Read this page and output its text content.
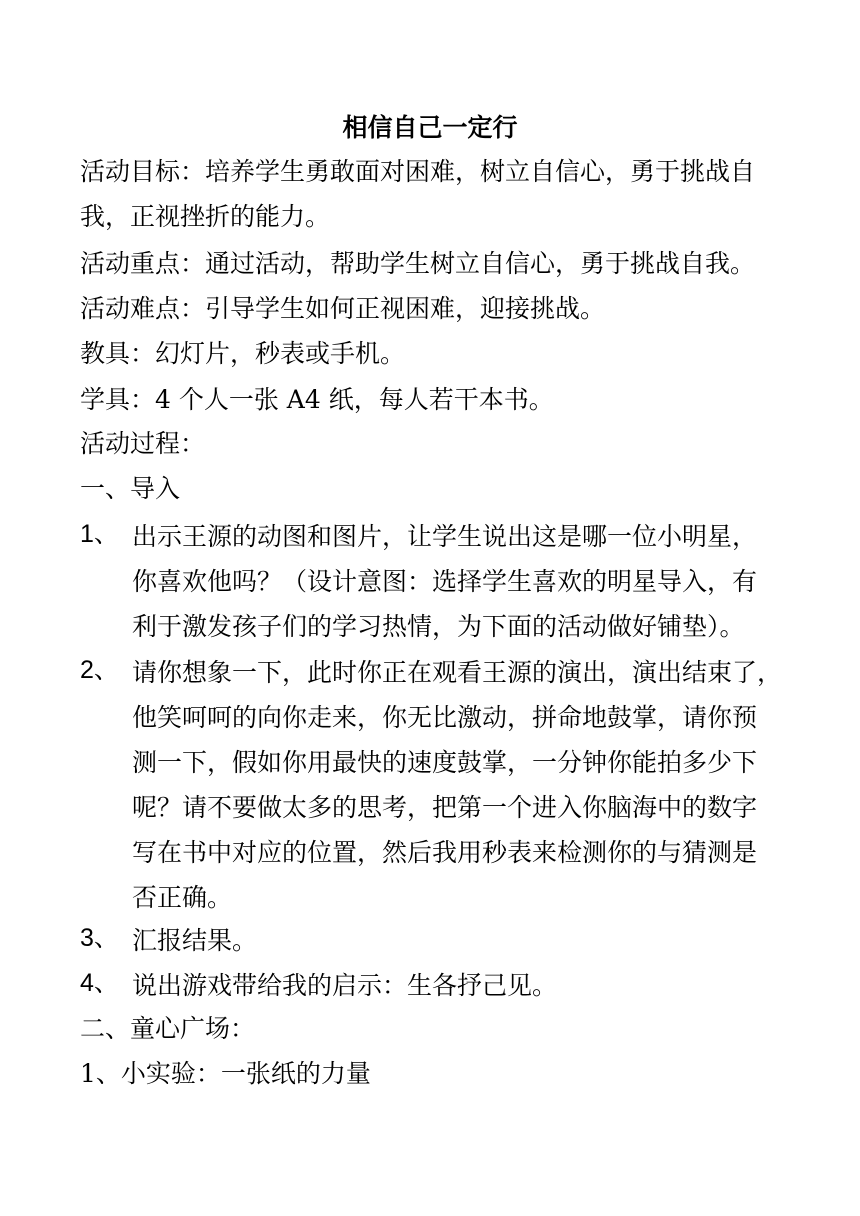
相信自己一定行
活动目标：培养学生勇敢面对困难，树立自信心，勇于挑战自
我，正视挫折的能力。
活动重点：通过活动，帮助学生树立自信心，勇于挑战自我。
活动难点：引导学生如何正视困难，迎接挑战。
教具：幻灯片，秒表或手机。
学具：4 个人一张 A4 纸，每人若干本书。
活动过程：
一、导入
1、 出示王源的动图和图片，让学生说出这是哪一位小明星，
你喜欢他吗？（设计意图：选择学生喜欢的明星导入，有
利于激发孩子们的学习热情，为下面的活动做好铺垫）。
2、 请你想象一下，此时你正在观看王源的演出，演出结束了，
他笑呵呵的向你走来，你无比激动，拼命地鼓掌，请你预
测一下，假如你用最快的速度鼓掌，一分钟你能拍多少下
呢？请不要做太多的思考，把第一个进入你脑海中的数字
写在书中对应的位置，然后我用秒表来检测你的与猜测是
否正确。
3、 汇报结果。
4、 说出游戏带给我的启示：生各抒己见。
二、童心广场：
1、小实验：一张纸的力量
